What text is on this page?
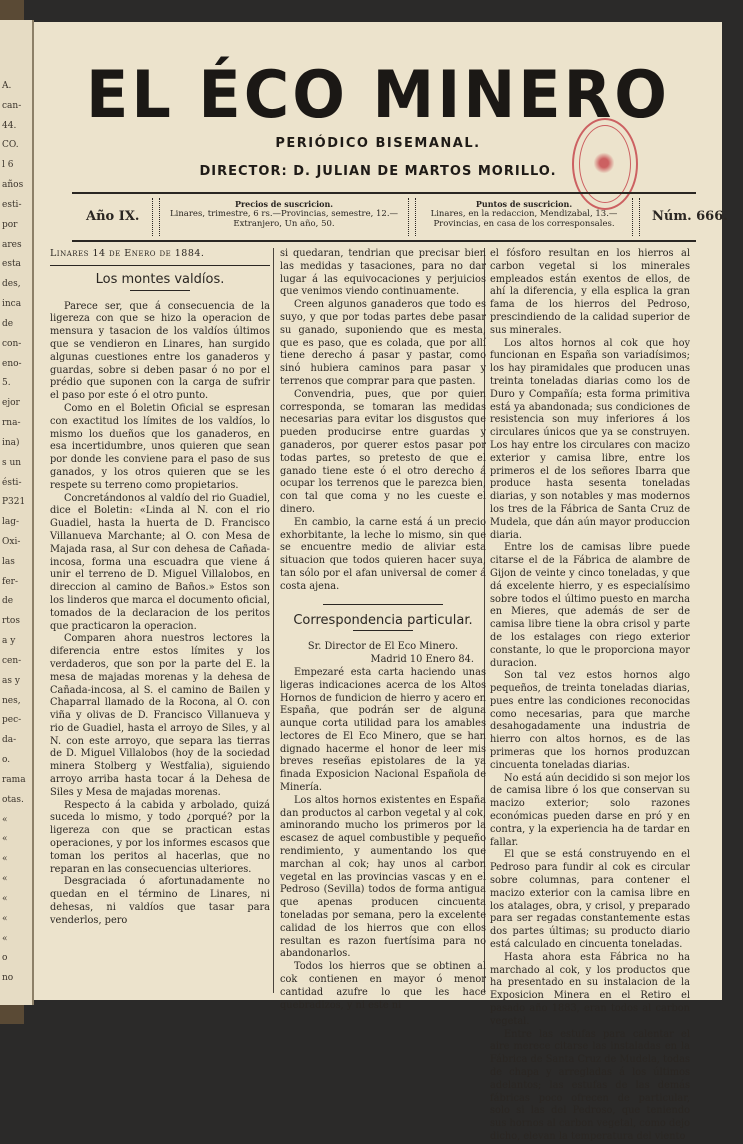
A.
can-
44.
CO.
l 6
años
esti-
por
ares
esta
des,
inca
de
con-
eno-
5.
ejor
rna-
ina)
s un
ésti-
P321
lag-
Oxi-
las
fer-
de
rtos
a y
cen-
as y
nes,
pec-
da-
o.
rama
otas.
«
«
«
«
«
«
«
o
no
EL ÉCO MINERO
PERIÓDICO BISEMANAL.
DIRECTOR: D. JULIAN DE MARTOS MORILLO.
Año IX.
Precios de suscricion.
Linares, trimestre, 6 rs.—Provincias, semestre, 12.—Extranjero, Un año, 50.
Puntos de suscricion.
Linares, en la redaccion, Mendizabal, 13.—Provincias, en casa de los corresponsales.	Núm. 666.

Linares 14 de Enero de 1884.

Los montes valdíos.

Parece ser, que á consecuencia de la ligereza con que se hizo la operacion de mensura y tasacion de los valdíos últimos que se vendieron en Linares, han surgido algunas cuestiones entre los ganaderos y guardas, sobre si deben pasar ó no por el prédio que suponen con la carga de sufrir el paso por este ó el otro punto.

Como en el Boletin Oficial se espresan con exactitud los límites de los valdíos, lo mismo los dueños que los ganaderos, en esa incertidumbre, unos quieren que sean por donde les conviene para el paso de sus ganados, y los otros quieren que se les respete su terreno como propietarios.

Concretándonos al valdío del rio Guadiel, dice el Boletin: «Linda al N. con el rio Guadiel, hasta la huerta de D. Francisco Villanueva Marchante; al O. con Mesa de Majada rasa, al Sur con dehesa de Cañada-incosa, forma una escuadra que viene á unir el terreno de D. Miguel Villalobos, en direccion al camino de Baños.» Estos son los linderos que marca el documento oficial, tomados de la declaracion de los peritos que practicaron la operacion.

Comparen ahora nuestros lectores la diferencia entre estos límites y los verdaderos, que son por la parte del E. la mesa de majadas morenas y la dehesa de Cañada-incosa, al S. el camino de Bailen y Chaparral llamado de la Rocona, al O. con viña y olivas de D. Francisco Villanueva y rio de Guadiel, hasta el arroyo de Siles, y al N. con este arroyo, que separa las tierras de D. Miguel Villalobos (hoy de la sociedad minera Stolberg y Westfalia), siguiendo arroyo arriba hasta tocar á la Dehesa de Siles y Mesa de majadas morenas.

Respecto á la cabida y arbolado, quizá suceda lo mismo, y todo ¿porqué? por la ligereza con que se practican estas operaciones, y por los informes escasos que toman los peritos al hacerlas, que no reparan en las consecuencias ulteriores.

Desgraciada ó afortunadamente no quedan en el término de Linares, ni dehesas, ni valdíos que tasar para venderlos, pero

si quedaran, tendrian que precisar bien las medidas y tasaciones, para no dar lugar á las equivocaciones y perjuicios que venimos viendo continuamente.

Creen algunos ganaderos que todo es suyo, y que por todas partes debe pasar su ganado, suponiendo que es mesta, que es paso, que es colada, que por allí tiene derecho á pasar y pastar, como sinó hubiera caminos para pasar y terrenos que comprar para que pasten.

Convendria, pues, que por quien corresponda, se tomaran las medidas necesarias para evitar los disgustos que pueden producirse entre guardas y ganaderos, por querer estos pasar por todas partes, so pretesto de que el ganado tiene este ó el otro derecho á ocupar los terrenos que le parezca bien, con tal que coma y no les cueste el dinero.

En cambio, la carne está á un precio exhorbitante, la leche lo mismo, sin que se encuentre medio de aliviar esta situacion que todos quieren hacer suya, tan sólo por el afan universal de comer á costa ajena.

Correspondencia particular.

Sr. Director de El Eco Minero.

Madrid 10 Enero 84.

Empezaré esta carta haciendo unas ligeras indicaciones acerca de los Altos Hornos de fundicion de hierro y acero en España, que podrán ser de alguna aunque corta utilidad para los amables lectores de El Eco Minero, que se han dignado hacerme el honor de leer mis breves reseñas epistolares de la ya finada Exposicion Nacional Española de Minería.

Los altos hornos existentes en España dan productos al carbon vegetal y al cok, aminorando mucho los primeros por la escasez de aquel combustible y pequeño rendimiento, y aumentando los que marchan al cok; hay unos al carbon vegetal en las provincias vascas y en el Pedroso (Sevilla) todos de forma antigua que apenas producen cincuenta toneladas por semana, pero la excelente calidad de los hierros que con ellos resultan es razon fuertísima para no abandonarlos.

Todos los hierros que se obtinen al cok contienen en mayor ó menor cantidad azufre lo que les hace quebradizos, y ni este ni

el fósforo resultan en los hierros al carbon vegetal si los minerales empleados están exentos de ellos, de ahí la diferencia, y ella esplica la gran fama de los hierros del Pedroso, prescindiendo de la calidad superior de sus minerales.

Los altos hornos al cok que hoy funcionan en España son variadísimos; los hay piramidales que producen unas treinta toneladas diarias como los de Duro y Compañía; esta forma primitiva está ya abandonada; sus condiciones de resistencia son muy inferiores á los circulares únicos que ya se construyen. Los hay entre los circulares con macizo exterior y camisa libre, entre los primeros el de los señores Ibarra que produce hasta sesenta toneladas diarias, y son notables y mas modernos los tres de la Fábrica de Santa Cruz de Mudela, que dán aún mayor produccion diaria.

Entre los de camisas libre puede citarse el de la Fábrica de alambre de Gijon de veinte y cinco toneladas, y que dá excelente hierro, y es especialísimo sobre todos el último puesto en marcha en Mieres, que además de ser de camisa libre tiene la obra crisol y parte de los estalages con riego exterior constante, lo que le proporciona mayor duracion.

Son tal vez estos hornos algo pequeños, de treinta toneladas diarias, pues entre las condiciones reconocidas como necesarias, para que marche desahogadamente una industria de hierro con altos hornos, es de las primeras que los hornos produzcan cincuenta toneladas diarias.

No está aún decidido si son mejor los de camisa libre ó los que conservan su macizo exterior; solo razones económicas pueden darse en pró y en contra, y la experiencia ha de tardar en fallar.

El que se está construyendo en el Pedroso para fundir al cok es circular sobre columnas, para contener el macizo exterior con la camisa libre en los atalages, obra, y crisol, y preparado para ser regadas constantemente estas dos partes últimas; su producto diario está calculado en cincuenta toneladas.

Hasta ahora esta Fábrica no ha marchado al cok, y los productos que ha presentado en su instalacion de la Exposicion Minera en el Retiro el pasado año 1883, eran todos al carbon vegetal.

Entre las estufas para calentar el aire merece citarse las instaladas en la Fábrica de Santa Cruz de Mudela, todas de chapa y arregladas á los últimos adelantos; las estufas de las demás fábricas poco ofrecen de particular, solo si las del Pedroso, que teniendo sus hornos al carbon vegetal, como dejo dicho, elevan la temperatura del viento
